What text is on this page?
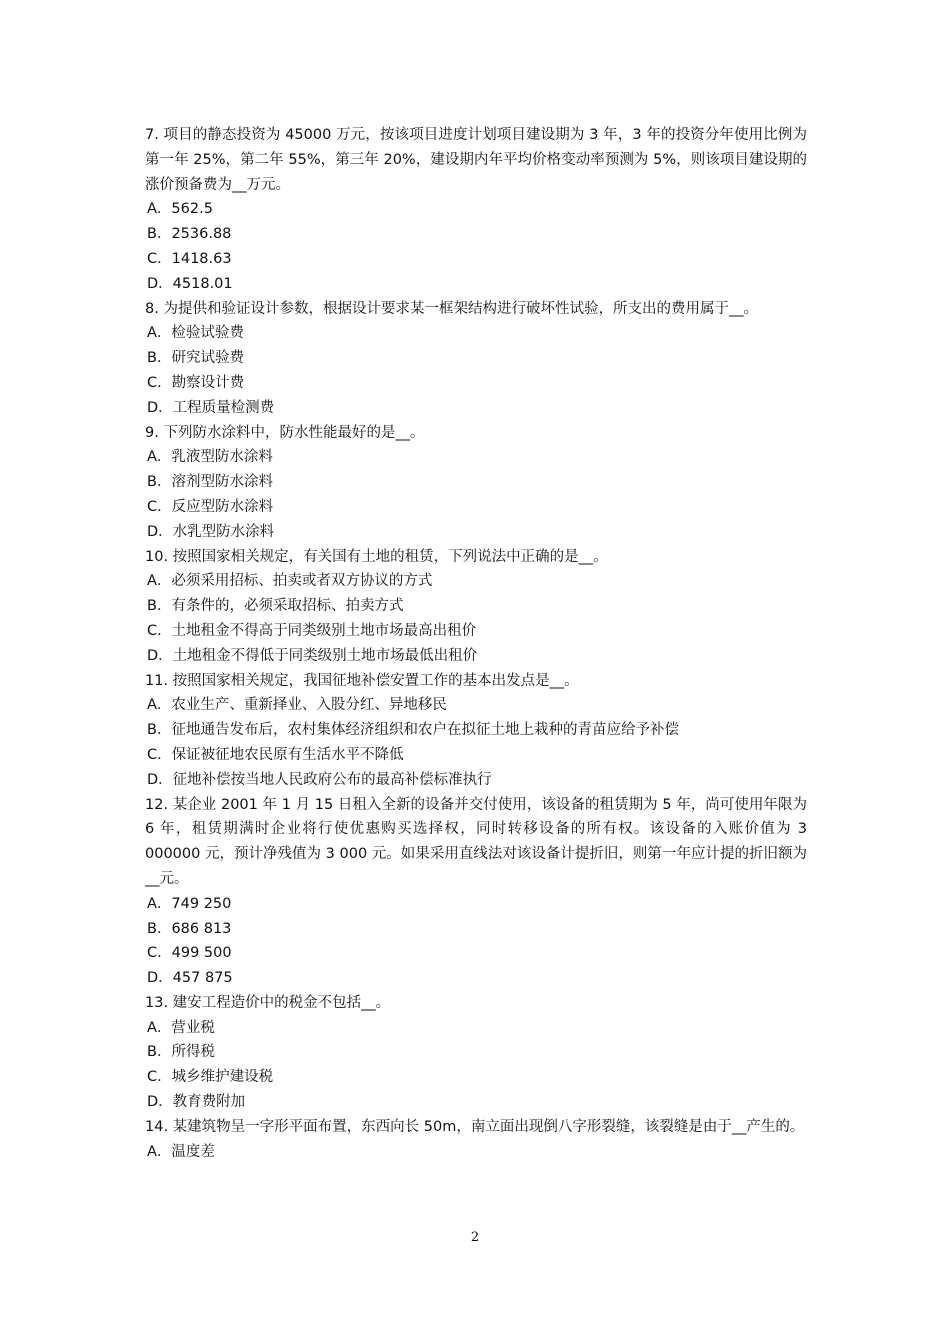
7. 项目的静态投资为 45000 万元，按该项目进度计划项目建设期为 3 年，3 年的投资分年使用比例为第一年 25%，第二年 55%，第三年 20%，建设期内年平均价格变动率预测为 5%，则该项目建设期的涨价预备费为__万元。

A．562.5

B．2536.88

C．1418.63

D．4518.01

8. 为提供和验证设计参数，根据设计要求某一框架结构进行破坏性试验，所支出的费用属于__。

A．检验试验费

B．研究试验费

C．勘察设计费

D．工程质量检测费

9. 下列防水涂料中，防水性能最好的是__。

A．乳液型防水涂料

B．溶剂型防水涂料

C．反应型防水涂料

D．水乳型防水涂料

10. 按照国家相关规定，有关国有土地的租赁，下列说法中正确的是__。

A．必须采用招标、拍卖或者双方协议的方式

B．有条件的，必须采取招标、拍卖方式

C．土地租金不得高于同类级别土地市场最高出租价

D．土地租金不得低于同类级别土地市场最低出租价

11. 按照国家相关规定，我国征地补偿安置工作的基本出发点是__。

A．农业生产、重新择业、入股分红、异地移民

B．征地通告发布后，农村集体经济组织和农户在拟征土地上栽种的青苗应给予补偿

C．保证被征地农民原有生活水平不降低

D．征地补偿按当地人民政府公布的最高补偿标准执行

12. 某企业 2001 年 1 月 15 日租入全新的设备并交付使用，该设备的租赁期为 5 年，尚可使用年限为 6 年，租赁期满时企业将行使优惠购买选择权，同时转移设备的所有权。该设备的入账价值为 3 000000 元，预计净残值为 3 000 元。如果采用直线法对该设备计提折旧，则第一年应计提的折旧额为__元。

A．749 250

B．686 813

C．499 500

D．457 875

13. 建安工程造价中的税金不包括__。

A．营业税

B．所得税

C．城乡维护建设税

D．教育费附加

14. 某建筑物呈一字形平面布置，东西向长 50m，南立面出现倒八字形裂缝，该裂缝是由于__产生的。

A．温度差

2
